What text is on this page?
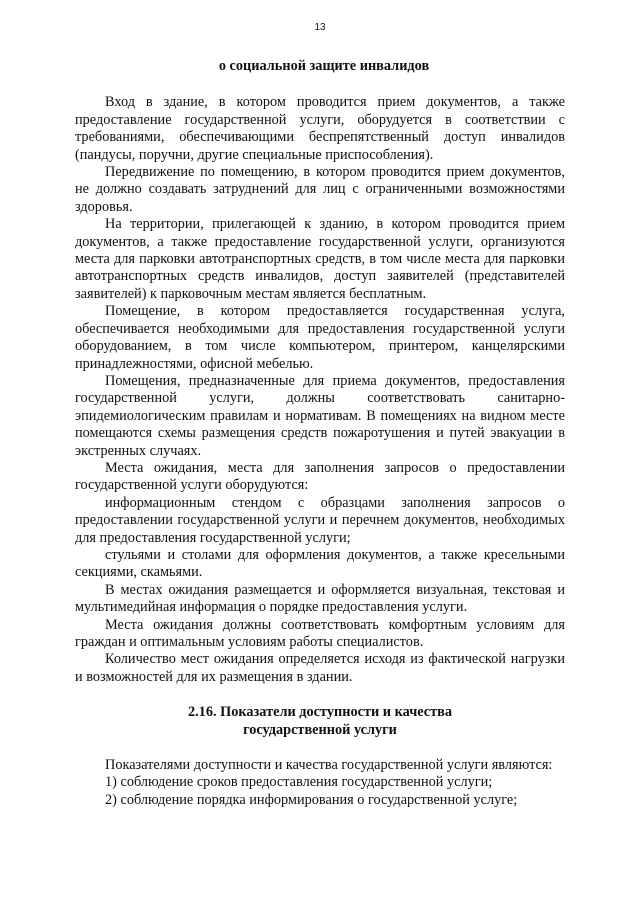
13
о социальной защите инвалидов

Вход в здание, в котором проводится прием документов, а также предоставление государственной услуги, оборудуется в соответствии с требованиями, обеспечивающими беспрепятственный доступ инвалидов (пандусы, поручни, другие специальные приспособления).

Передвижение по помещению, в котором проводится прием документов, не должно создавать затруднений для лиц с ограниченными возможностями здоровья.

На территории, прилегающей к зданию, в котором проводится прием документов, а также предоставление государственной услуги, организуются места для парковки автотранспортных средств, в том числе места для парковки автотранспортных средств инвалидов, доступ заявителей (представителей заявителей) к парковочным местам является бесплатным.

Помещение, в котором предоставляется государственная услуга, обеспечивается необходимыми для предоставления государственной услуги оборудованием, в том числе компьютером, принтером, канцелярскими принадлежностями, офисной мебелью.

Помещения, предназначенные для приема документов, предоставления государственной услуги, должны соответствовать санитарно-эпидемиологическим правилам и нормативам. В помещениях на видном месте помещаются схемы размещения средств пожаротушения и путей эвакуации в экстренных случаях.

Места ожидания, места для заполнения запросов о предоставлении государственной услуги оборудуются:

информационным стендом с образцами заполнения запросов о предоставлении государственной услуги и перечнем документов, необходимых для предоставления государственной услуги;

стульями и столами для оформления документов, а также кресельными секциями, скамьями.

В местах ожидания размещается и оформляется визуальная, текстовая и мультимедийная информация о порядке предоставления услуги.

Места ожидания должны соответствовать комфортным условиям для граждан и оптимальным условиям работы специалистов.

Количество мест ожидания определяется исходя из фактической нагрузки и возможностей для их размещения в здании.

2.16. Показатели доступности и качества
государственной услуги

Показателями доступности и качества государственной услуги являются:

1) соблюдение сроков предоставления государственной услуги;

2) соблюдение порядка информирования о государственной услуге;
